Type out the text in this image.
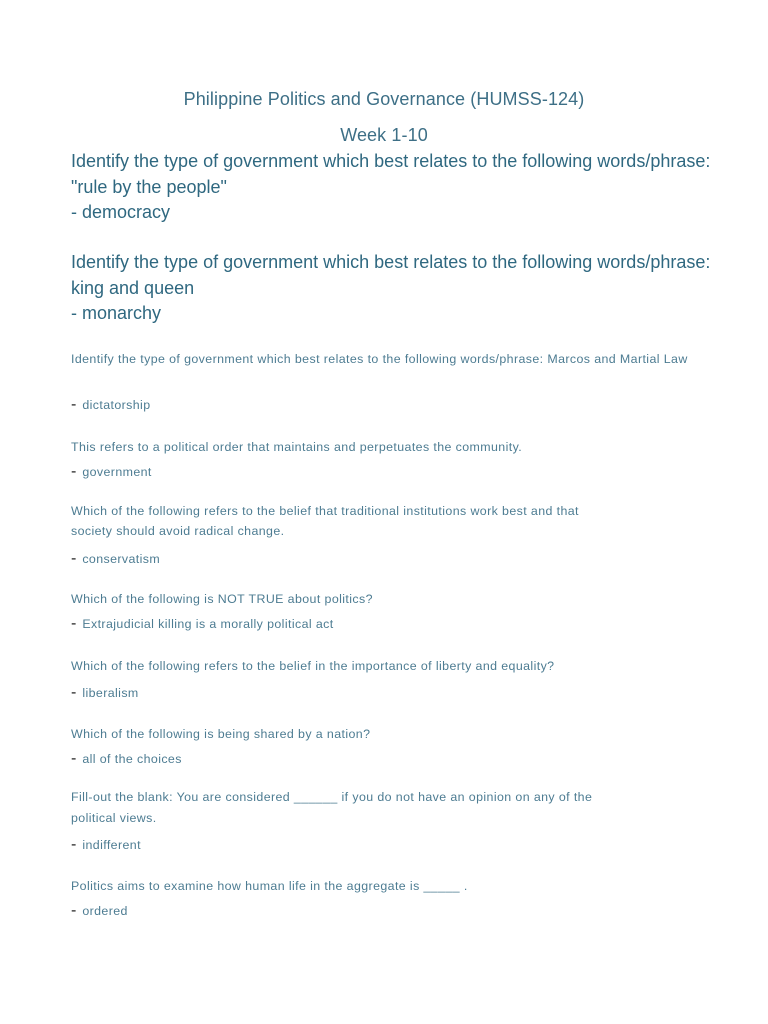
Philippine Politics and Governance (HUMSS-124)
Week 1-10
Identify the type of government which best relates to the following words/phrase: "rule by the people"
- democracy
Identify the type of government which best relates to the following words/phrase: king and queen
- monarchy
Identify the type of government which best relates to the following words/phrase: Marcos and Martial Law
- dictatorship
This refers to a political order that maintains and perpetuates the community.
- government
Which of the following refers to the belief that traditional institutions work best and that
society should avoid radical change.
- conservatism
Which of the following is NOT TRUE about politics?
- Extrajudicial killing is a morally political act
Which of the following refers to the belief in the importance of liberty and equality?
- liberalism
Which of the following is being shared by a nation?
- all of the choices
Fill-out the blank: You are considered ______ if you do not have an opinion on any of the
political views.
- indifferent
Politics aims to examine how human life in the aggregate is _____ .
- ordered
